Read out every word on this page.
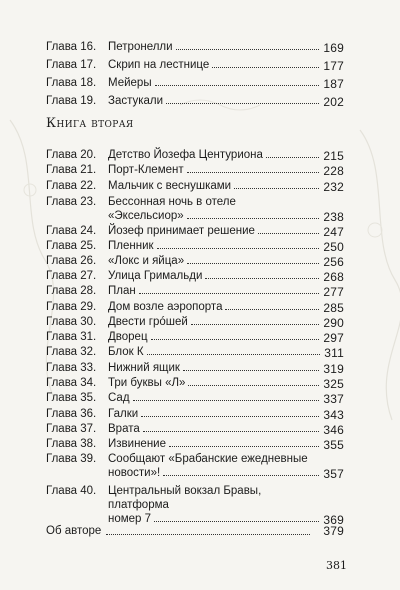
Глава 16. Петронелли	169
Глава 17. Скрип на лестнице	177
Глава 18. Мейеры	187
Глава 19. Застукали	202
Книга вторая
Глава 20. Детство Йозефа Центуриона	215
Глава 21. Порт-Клемент	228
Глава 22. Мальчик с веснушками	232
Глава 23. Бессонная ночь в отеле
«Эксельсиор»	238
Глава 24. Йозеф принимает решение	247
Глава 25. Пленник	250
Глава 26. «Локс и яйца»	256
Глава 27. Улица Гримальди	268
Глава 28. План	277
Глава 29. Дом возле аэропорта	285
Глава 30. Двести грóшей	290
Глава 31. Дворец	297
Глава 32. Блок К	311
Глава 33. Нижний ящик	319
Глава 34. Три буквы «Л»	325
Глава 35. Сад	337
Глава 36. Галки	343
Глава 37. Врата	346
Глава 38. Извинение	355
Глава 39. Сообщают «Брабанские ежедневные
новости»!	357
Глава 40. Центральный вокзал Бравы, платформа
номер 7	369
Об авторе	379
381
